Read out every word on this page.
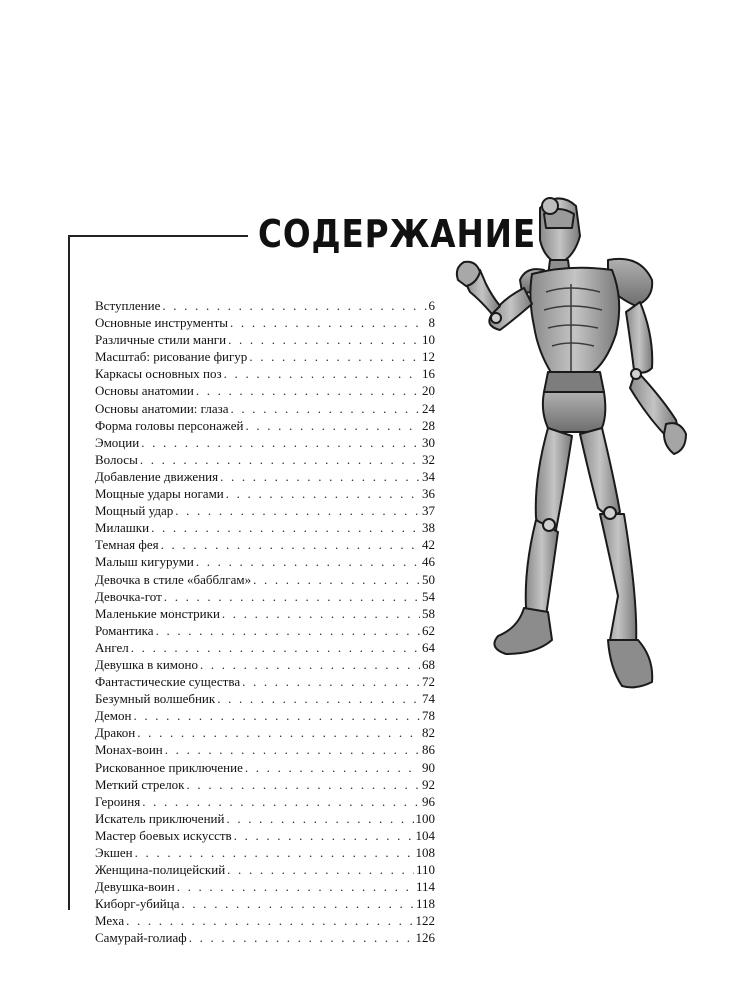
СОДЕРЖАНИЕ
Вступление . . .	6
Основные инструменты . . .	8
Различные стили манги . . .	10
Масштаб: рисование фигур . . .	12
Каркасы основных поз . . .	16
Основы анатомии . . .	20
Основы анатомии: глаза . . .	24
Форма головы персонажей . . .	28
Эмоции . . .	30
Волосы . . .	32
Добавление движения . . .	34
Мощные удары ногами . . .	36
Мощный удар . . .	37
Милашки . . .	38
Темная фея . . .	42
Малыш кигуруми . . .	46
Девочка в стиле «бабблгам» . . .	50
Девочка-гот . . .	54
Маленькие монстрики . . .	58
Романтика . . .	62
Ангел . . .	64
Девушка в кимоно . . .	68
Фантастические существа . . .	72
Безумный волшебник . . .	74
Демон . . .	78
Дракон . . .	82
Монах-воин . . .	86
Рискованное приключение . . .	90
Меткий стрелок . . .	92
Героиня . . .	96
Искатель приключений . . .	100
Мастер боевых искусств . . .	104
Экшен . . .	108
Женщина-полицейский . . .	110
Девушка-воин . . .	114
Киборг-убийца . . .	118
Меха . . .	122
Самурай-голиаф . . .	126
